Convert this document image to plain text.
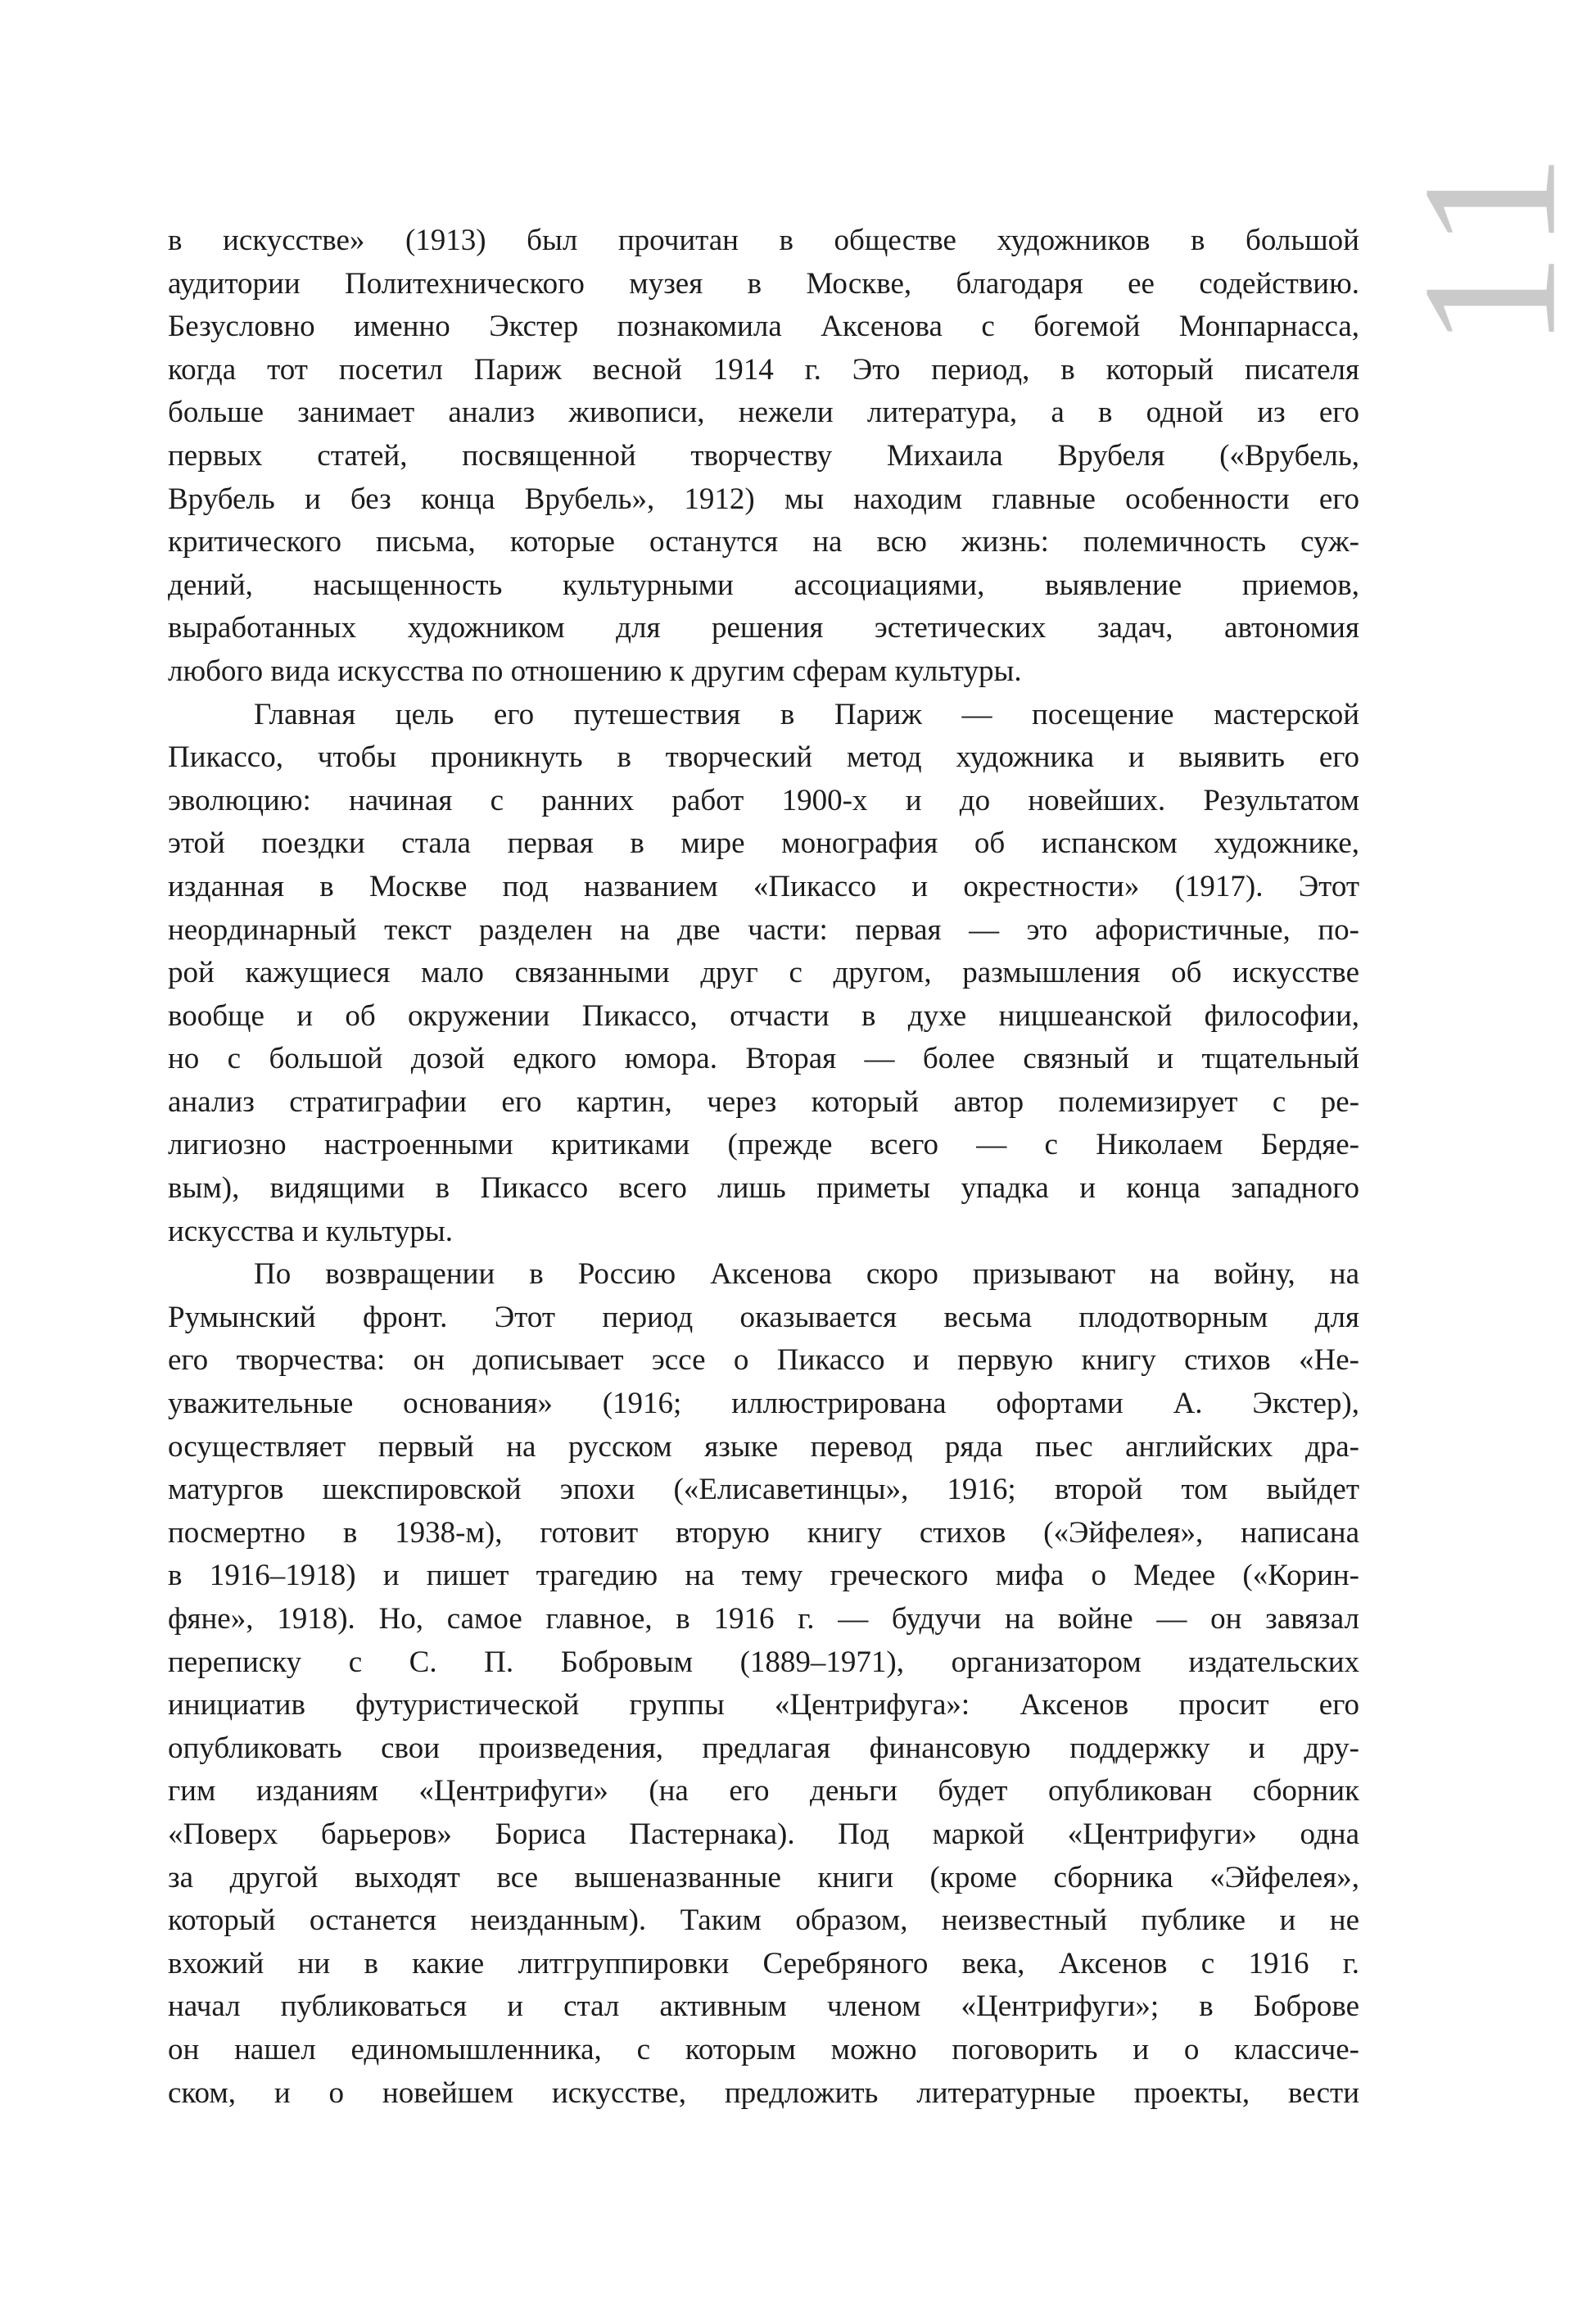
11
в искусстве» (1913) был прочитан в обществе художников в большой
аудитории Политехнического музея в Москве, благодаря ее содействию.
Безусловно именно Экстер познакомила Аксенова с богемой Монпарнасса,
когда тот посетил Париж весной 1914 г. Это период, в который писателя
больше занимает анализ живописи, нежели литература, а в одной из его
первых статей, посвященной творчеству Михаила Врубеля («Врубель,
Врубель и без конца Врубель», 1912) мы находим главные особенности его
критического письма, которые останутся на всю жизнь: полемичность суж-
дений, насыщенность культурными ассоциациями, выявление приемов,
выработанных художником для решения эстетических задач, автономия
любого вида искусства по отношению к другим сферам культуры.
Главная цель его путешествия в Париж — посещение мастерской
Пикассо, чтобы проникнуть в творческий метод художника и выявить его
эволюцию: начиная с ранних работ 1900-х и до новейших. Результатом
этой поездки стала первая в мире монография об испанском художнике,
изданная в Москве под названием «Пикассо и окрестности» (1917). Этот
неординарный текст разделен на две части: первая — это афористичные, по-
рой кажущиеся мало связанными друг с другом, размышления об искусстве
вообще и об окружении Пикассо, отчасти в духе ницшеанской философии,
но с большой дозой едкого юмора. Вторая — более связный и тщательный
анализ стратиграфии его картин, через который автор полемизирует с ре-
лигиозно настроенными критиками (прежде всего — с Николаем Бердяе-
вым), видящими в Пикассо всего лишь приметы упадка и конца западного
искусства и культуры.
По возвращении в Россию Аксенова скоро призывают на войну, на
Румынский фронт. Этот период оказывается весьма плодотворным для
его творчества: он дописывает эссе о Пикассо и первую книгу стихов «Не-
уважительные основания» (1916; иллюстрирована офортами А. Экстер),
осуществляет первый на русском языке перевод ряда пьес английских дра-
матургов шекспировской эпохи («Елисаветинцы», 1916; второй том выйдет
посмертно в 1938-м), готовит вторую книгу стихов («Эйфелея», написана
в 1916–1918) и пишет трагедию на тему греческого мифа о Медее («Корин-
фяне», 1918). Но, самое главное, в 1916 г. — будучи на войне — он завязал
переписку с С. П. Бобровым (1889–1971), организатором издательских
инициатив футуристической группы «Центрифуга»: Аксенов просит его
опубликовать свои произведения, предлагая финансовую поддержку и дру-
гим изданиям «Центрифуги» (на его деньги будет опубликован сборник
«Поверх барьеров» Бориса Пастернака). Под маркой «Центрифуги» одна
за другой выходят все вышеназванные книги (кроме сборника «Эйфелея»,
который останется неизданным). Таким образом, неизвестный публике и не
вхожий ни в какие литгруппировки Серебряного века, Аксенов с 1916 г.
начал публиковаться и стал активным членом «Центрифуги»; в Боброве
он нашел единомышленника, с которым можно поговорить и о классиче-
ском, и о новейшем искусстве, предложить литературные проекты, вести
